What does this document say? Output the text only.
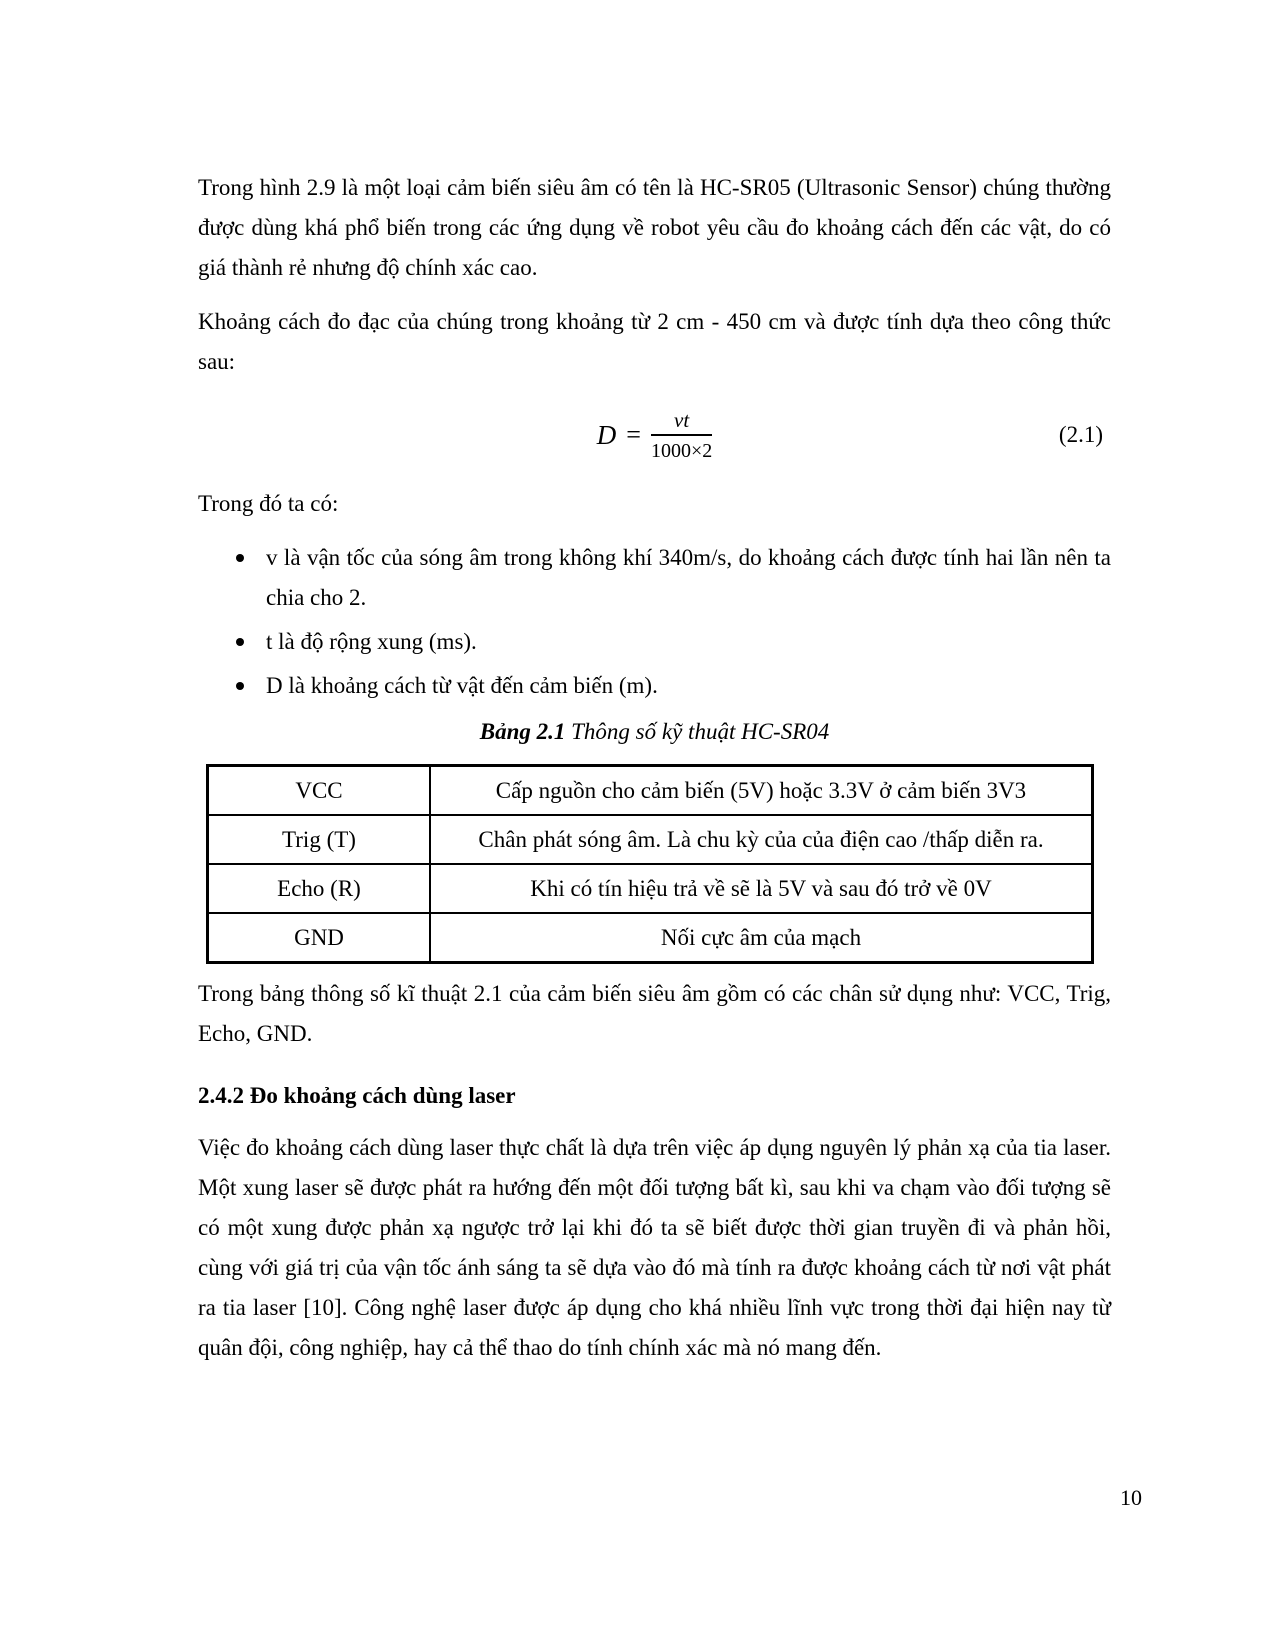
Trong hình 2.9 là một loại cảm biến siêu âm có tên là HC-SR05 (Ultrasonic Sensor) chúng thường được dùng khá phổ biến trong các ứng dụng về robot yêu cầu đo khoảng cách đến các vật, do có giá thành rẻ nhưng độ chính xác cao.

Khoảng cách đo đạc của chúng trong khoảng từ 2 cm - 450 cm và được tính dựa theo công thức sau:

$D = \frac{vt}{1000\times 2}$	(2.1)

Trong đó ta có:

v là vận tốc của sóng âm trong không khí 340m/s, do khoảng cách được tính hai lần nên ta chia cho 2.
t là độ rộng xung (ms).
D là khoảng cách từ vật đến cảm biến (m).
Bảng 2.1 Thông số kỹ thuật HC-SR04
VCC	Cấp nguồn cho cảm biến (5V) hoặc 3.3V ở cảm biến 3V3
Trig (T)	Chân phát sóng âm. Là chu kỳ của của điện cao /thấp diễn ra.
Echo (R)	Khi có tín hiệu trả về sẽ là 5V và sau đó trở về 0V
GND	Nối cực âm của mạch

Trong bảng thông số kĩ thuật 2.1 của cảm biến siêu âm gồm có các chân sử dụng như: VCC, Trig, Echo, GND.

2.4.2 Đo khoảng cách dùng laser

Việc đo khoảng cách dùng laser thực chất là dựa trên việc áp dụng nguyên lý phản xạ của tia laser. Một xung laser sẽ được phát ra hướng đến một đối tượng bất kì, sau khi va chạm vào đối tượng sẽ có một xung được phản xạ ngược trở lại khi đó ta sẽ biết được thời gian truyền đi và phản hồi, cùng với giá trị của vận tốc ánh sáng ta sẽ dựa vào đó mà tính ra được khoảng cách từ nơi vật phát ra tia laser [10]. Công nghệ laser được áp dụng cho khá nhiều lĩnh vực trong thời đại hiện nay từ quân đội, công nghiệp, hay cả thể thao do tính chính xác mà nó mang đến.

10
